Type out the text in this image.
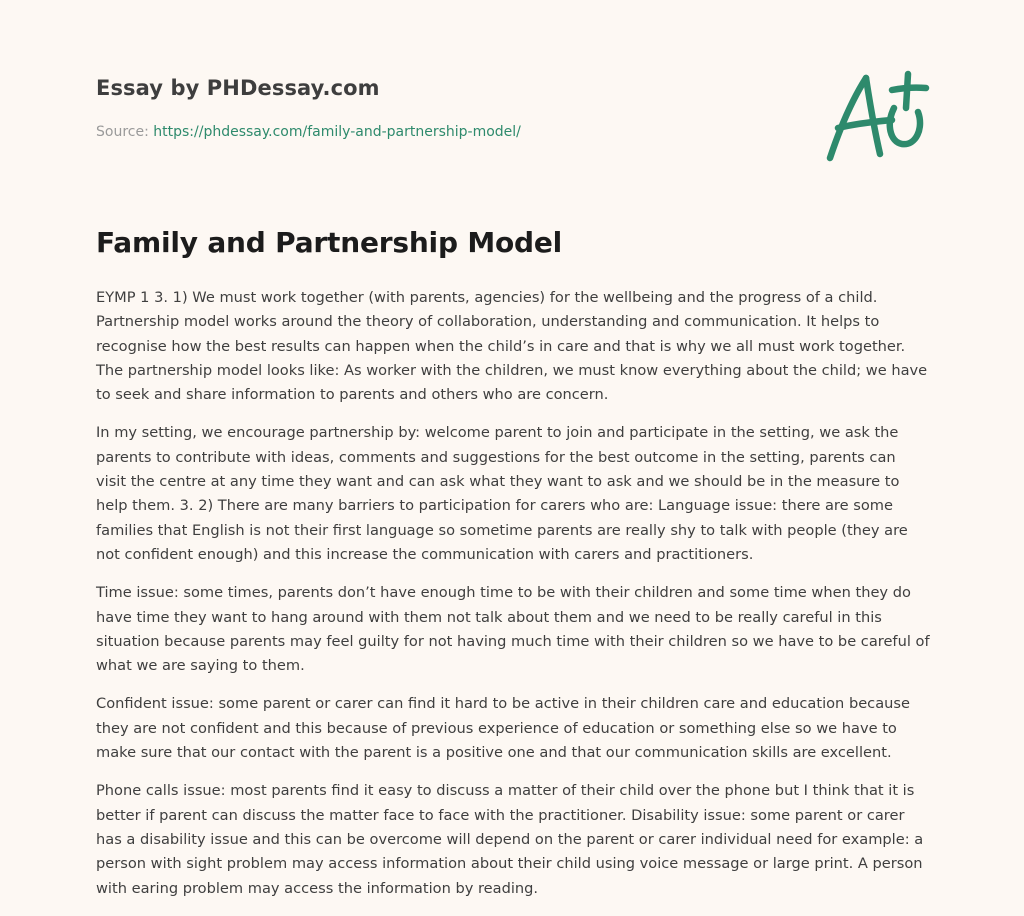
Essay by PHDessay.com

Source: https://phdessay.com/family-and-partnership-model/

Family and Partnership Model

EYMP 1 3. 1) We must work together (with parents, agencies) for the wellbeing and the progress of a child. Partnership model works around the theory of collaboration, understanding and communication. It helps to recognise how the best results can happen when the child’s in care and that is why we all must work together. The partnership model looks like: As worker with the children, we must know everything about the child; we have to seek and share information to parents and others who are concern.

In my setting, we encourage partnership by: welcome parent to join and participate in the setting, we ask the parents to contribute with ideas, comments and suggestions for the best outcome in the setting, parents can visit the centre at any time they want and can ask what they want to ask and we should be in the measure to help them. 3. 2) There are many barriers to participation for carers who are: Language issue: there are some families that English is not their first language so sometime parents are really shy to talk with people (they are not confident enough) and this increase the communication with carers and practitioners.

Time issue: some times, parents don’t have enough time to be with their children and some time when they do have time they want to hang around with them not talk about them and we need to be really careful in this situation because parents may feel guilty for not having much time with their children so we have to be careful of what we are saying to them.

Confident issue: some parent or carer can find it hard to be active in their children care and education because they are not confident and this because of previous experience of education or something else so we have to make sure that our contact with the parent is a positive one and that our communication skills are excellent.

Phone calls issue: most parents find it easy to discuss a matter of their child over the phone but I think that it is better if parent can discuss the matter face to face with the practitioner. Disability issue: some parent or carer has a disability issue and this can be overcome will depend on the parent or carer individual need for example: a person with sight problem may access information about their child using voice message or large print. A person with earing problem may access the information by reading.
